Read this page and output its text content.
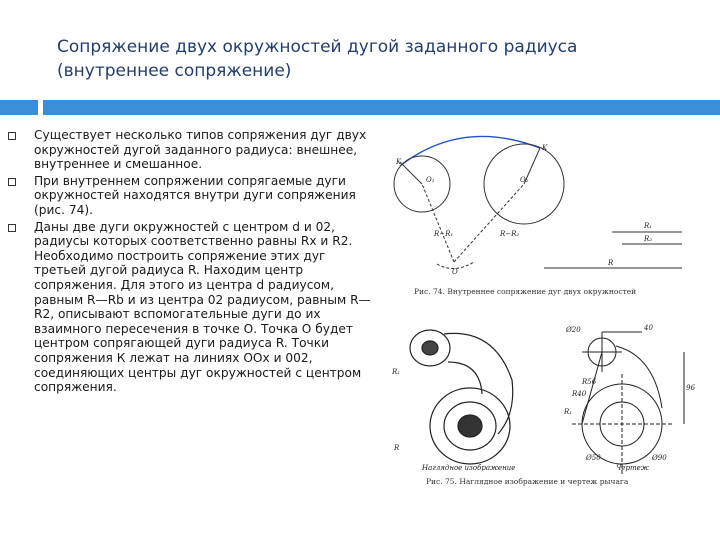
Сопряжение двух окружностей дугой заданного радиуса (внутреннее сопряжение)
Существует несколько типов сопряжения дуг двух окружностей дугой заданного радиуса: внешнее, внутреннее и смешанное.
При внутреннем сопряжении сопрягаемые дуги окружностей находятся внутри дуги сопряжения (рис. 74).
Даны две дуги окружностей с центром d и 02, радиусы которых соответственно равны Rx и R2. Необходимо построить сопряжение этих дуг третьей дугой радиуса R. Находим центр сопряжения. Для этого из центра d радиусом, равным R—Rb и из центра 02 радиусом, равным R—R2, описывают вспомогательные дуги до их взаимного пересечения в точке О. Точка О будет центром сопрягающей дуги радиуса R. Точки сопряжения К лежат на линиях ООх и 002, соединяющих центры дуг окружностей с центром сопряжения.
K
K
O₁	O₂
R−R₁	R−R₂
O
R₁
R₂
R
Рис. 74. Внутреннее сопряжение дуг двух окружностей
R₁
R
Наглядное изображение
Ø20	40
96
R56
R40
R₁
Ø50	Ø90
Чертеж
Рис. 75. Наглядное изображение и чертеж рычага
